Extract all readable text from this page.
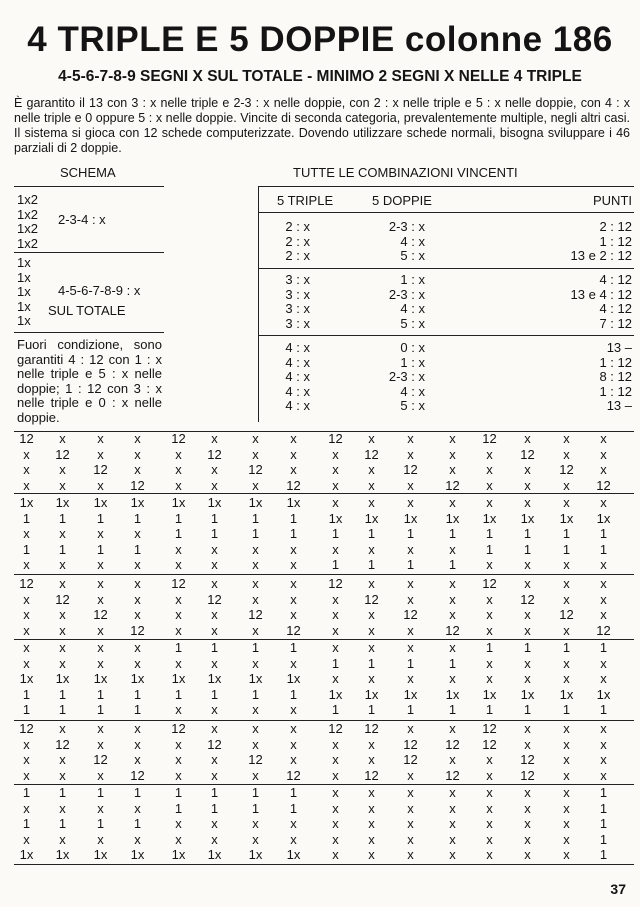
4 TRIPLE E 5 DOPPIE colonne 186
4-5-6-7-8-9 SEGNI X SUL TOTALE - MINIMO 2 SEGNI X NELLE 4 TRIPLE
È garantito il 13 con 3 : x nelle triple e 2-3 : x nelle doppie, con 2 : x nelle triple e 5 : x nelle doppie, con 4 : x nelle triple e 0 oppure 5 : x nelle doppie. Vincite di seconda categoria, prevalentemente multiple, negli altri casi. Il sistema si gioca con 12 schede computerizzate. Dovendo utilizzare schede normali, bisogna sviluppare i 46 parziali di 2 doppie.
SCHEMA	TUTTE LE COMBINAZIONI VINCENTI
1x2
1x2
1x2
1x2
2-3-4 : x
1x
1x
1x
1x
1x
4-5-6-7-8-9 : x
SUL TOTALE
Fuori condizione, sono garantiti 4 : 12 con 1 : x nelle triple e 5 : x nelle doppie; 1 : 12 con 3 : x nelle triple e 0 : x nelle doppie.
5 TRIPLE	5 DOPPIE	PUNTI
2 : x	2-3 : x	2 : 12
2 : x	4 : x	1 : 12
2 : x	5 : x	13 e 2 : 12
3 : x	1 : x	4 : 12
3 : x	2-3 : x	13 e 4 : 12
3 : x	4 : x	4 : 12
3 : x	5 : x	7 : 12
4 : x	0 : x	13 –
4 : x	1 : x	1 : 12
4 : x	2-3 : x	8 : 12
4 : x	4 : x	1 : 12
4 : x	5 : x	13 –
12	x	x	x	12	x	x	x	12	x	x	x	12	x	x	x
x	12	x	x	x	12	x	x	x	12	x	x	x	12	x	x
x	x	12	x	x	x	12	x	x	x	12	x	x	x	12	x
x	x	x	12	x	x	x	12	x	x	x	12	x	x	x	12
1x	1x	1x	1x	1x	1x	1x	1x	x	x	x	x	x	x	x	x
1	1	1	1	1	1	1	1	1x	1x	1x	1x	1x	1x	1x	1x
x	x	x	x	1	1	1	1	1	1	1	1	1	1	1	1
1	1	1	1	x	x	x	x	x	x	x	x	1	1	1	1
x	x	x	x	x	x	x	x	1	1	1	1	x	x	x	x
12	x	x	x	12	x	x	x	12	x	x	x	12	x	x	x
x	12	x	x	x	12	x	x	x	12	x	x	x	12	x	x
x	x	12	x	x	x	12	x	x	x	12	x	x	x	12	x
x	x	x	12	x	x	x	12	x	x	x	12	x	x	x	12
x	x	x	x	1	1	1	1	x	x	x	x	1	1	1	1
x	x	x	x	x	x	x	x	1	1	1	1	x	x	x	x
1x	1x	1x	1x	1x	1x	1x	1x	x	x	x	x	x	x	x	x
1	1	1	1	1	1	1	1	1x	1x	1x	1x	1x	1x	1x	1x
1	1	1	1	x	x	x	x	1	1	1	1	1	1	1	1
12	x	x	x	12	x	x	x	12	12	x	x	12	x	x	x
x	12	x	x	x	12	x	x	x	x	12	12	12	x	x	x
x	x	12	x	x	x	12	x	x	x	12	x	x	12	x	x
x	x	x	12	x	x	x	12	x	12	x	12	x	12	x	x
1	1	1	1	1	1	1	1	x	x	x	x	x	x	x	1
x	x	x	x	1	1	1	1	x	x	x	x	x	x	x	1
1	1	1	1	x	x	x	x	x	x	x	x	x	x	x	1
x	x	x	x	x	x	x	x	x	x	x	x	x	x	x	1
1x	1x	1x	1x	1x	1x	1x	1x	x	x	x	x	x	x	x	1
37
